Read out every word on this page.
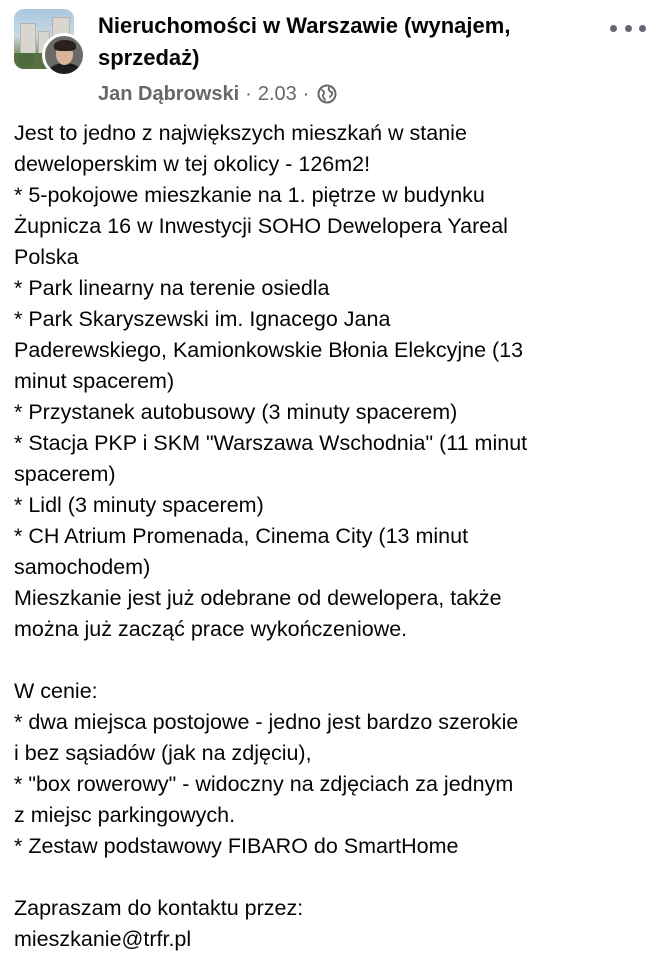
Nieruchomości w Warszawie (wynajem, sprzedaż)
Jan Dąbrowski · 2.03 ·
Jest to jedno z największych mieszkań w stanie
deweloperskim w tej okolicy - 126m2!
* 5-pokojowe mieszkanie na 1. piętrze w budynku
Żupnicza 16 w Inwestycji SOHO Dewelopera Yareal
Polska
* Park linearny na terenie osiedla
* Park Skaryszewski im. Ignacego Jana
Paderewskiego, Kamionkowskie Błonia Elekcyjne (13
minut spacerem)
* Przystanek autobusowy (3 minuty spacerem)
* Stacja PKP i SKM "Warszawa Wschodnia" (11 minut
spacerem)
* Lidl (3 minuty spacerem)
* CH Atrium Promenada, Cinema City (13 minut
samochodem)
Mieszkanie jest już odebrane od dewelopera, także
można już zacząć prace wykończeniowe.
W cenie:
* dwa miejsca postojowe - jedno jest bardzo szerokie
i bez sąsiadów (jak na zdjęciu),
* "box rowerowy" - widoczny na zdjęciach za jednym
z miejsc parkingowych.
* Zestaw podstawowy FIBARO do SmartHome
Zapraszam do kontaktu przez:
mieszkanie@trfr.pl
